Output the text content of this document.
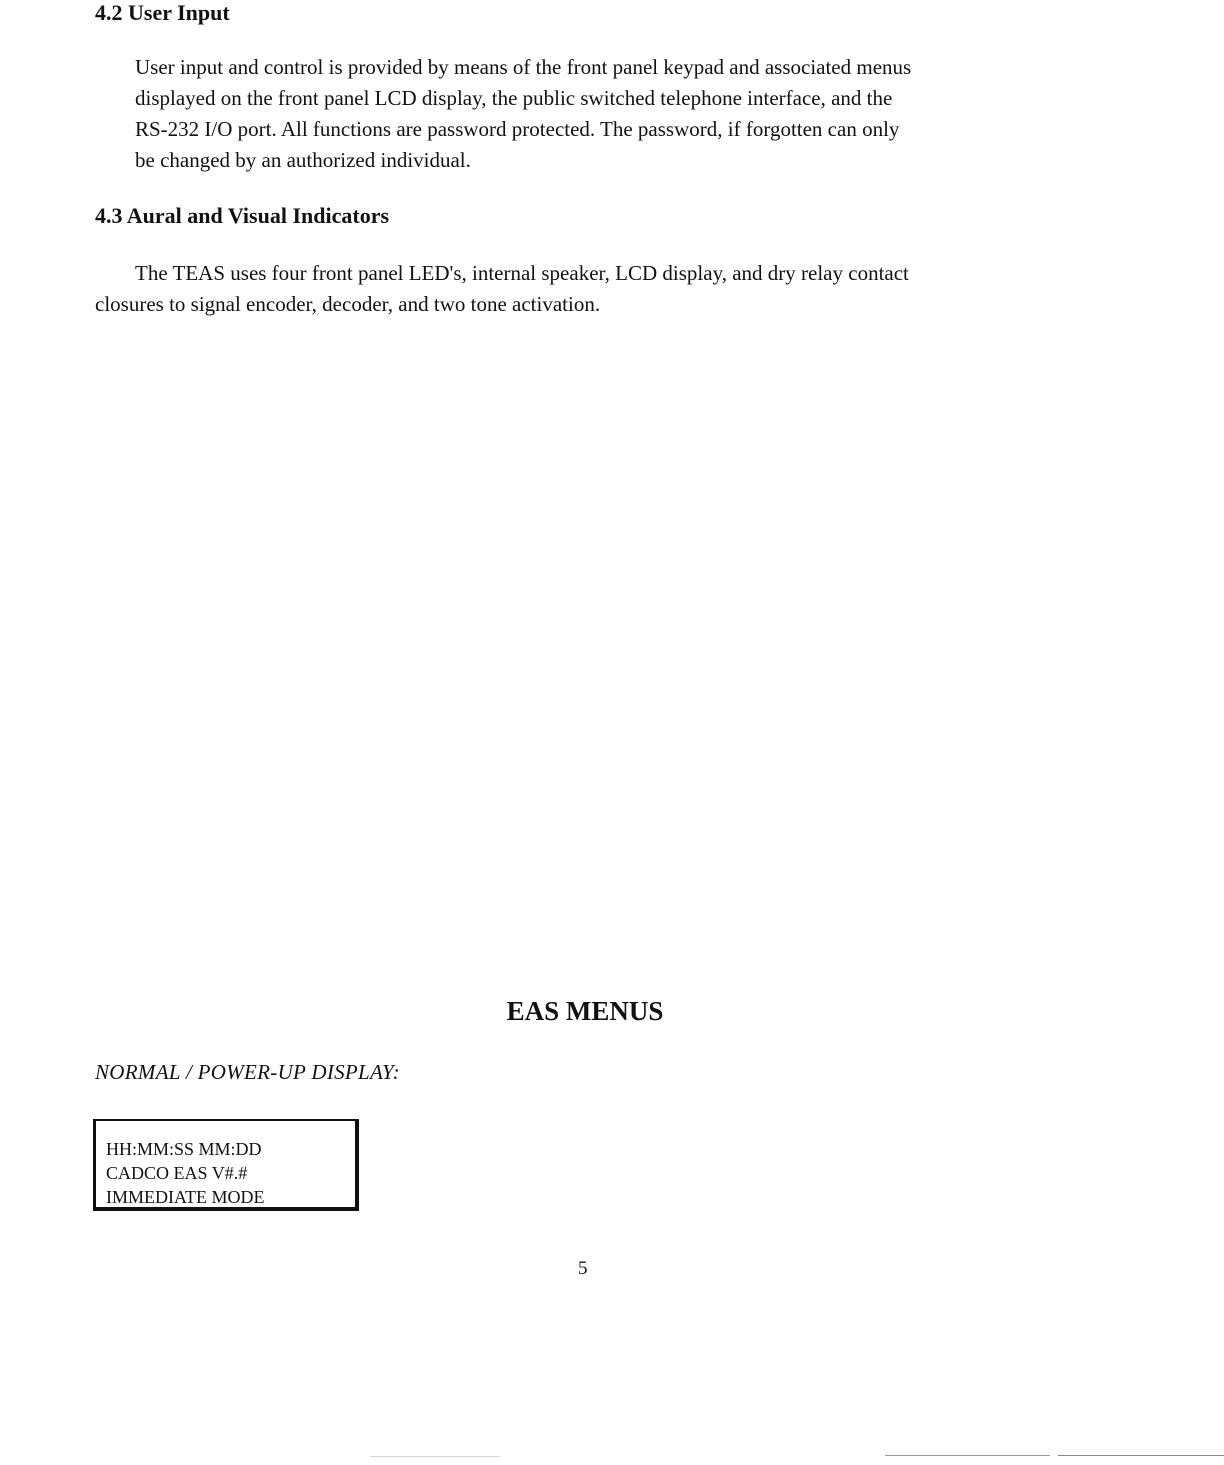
4.2 User Input
User input and control is provided by means of the front panel keypad and associated menus
displayed on the front panel LCD display, the public switched telephone interface, and the
RS-232 I/O port. All functions are password protected. The password, if forgotten can only
be changed by an authorized individual.
4.3 Aural and Visual Indicators
The TEAS uses four front panel LED's, internal speaker, LCD display, and dry relay contact
closures to signal encoder, decoder, and two tone activation.
EAS MENUS
NORMAL / POWER-UP DISPLAY:
HH:MM:SS MM:DD
CADCO EAS V#.#
IMMEDIATE MODE
5
